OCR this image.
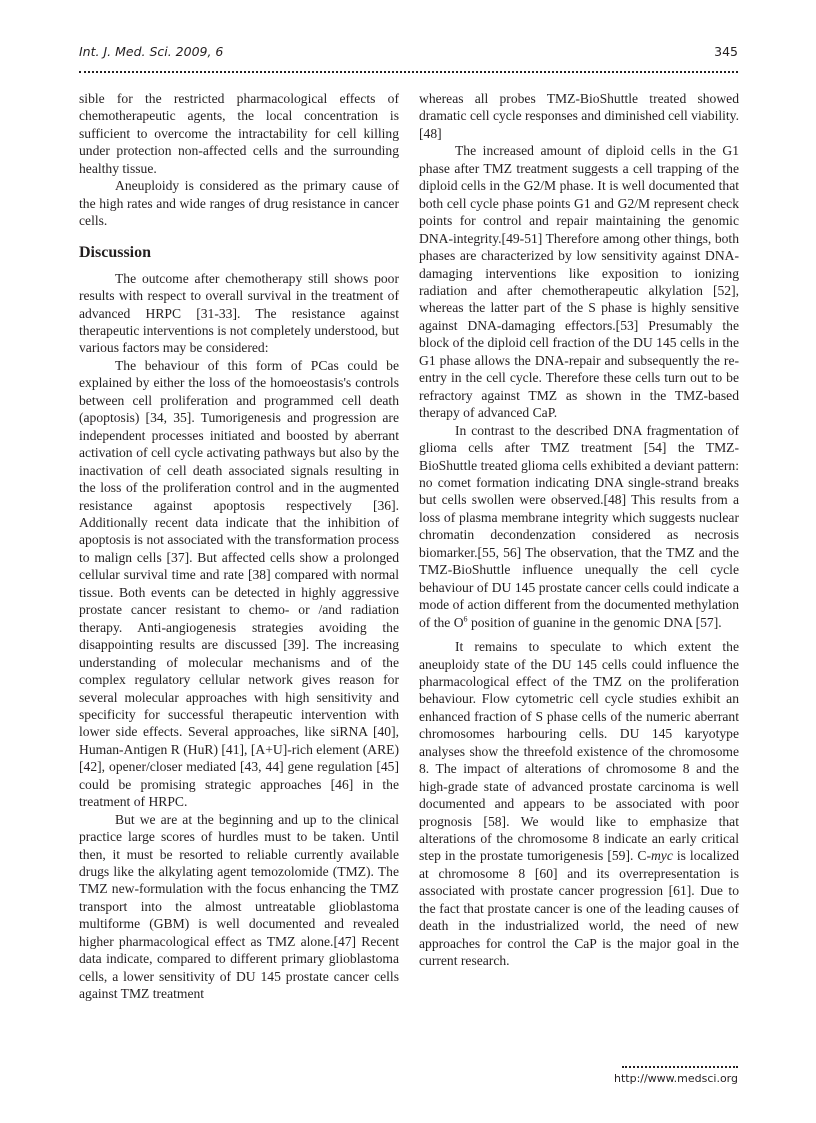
Int. J. Med. Sci. 2009, 6	345

sible for the restricted pharmacological effects of chemotherapeutic agents, the local concentration is sufficient to overcome the intractability for cell killing under protection non-affected cells and the surrounding healthy tissue.

Aneuploidy is considered as the primary cause of the high rates and wide ranges of drug resistance in cancer cells.

Discussion

The outcome after chemotherapy still shows poor results with respect to overall survival in the treatment of advanced HRPC [31-33]. The resistance against therapeutic interventions is not completely understood, but various factors may be considered:

The behaviour of this form of PCas could be explained by either the loss of the homoeostasis's controls between cell proliferation and programmed cell death (apoptosis) [34, 35]. Tumorigenesis and progression are independent processes initiated and boosted by aberrant activation of cell cycle activating pathways but also by the inactivation of cell death associated signals resulting in the loss of the proliferation control and in the augmented resistance against apoptosis respectively [36]. Additionally recent data indicate that the inhibition of apoptosis is not associated with the transformation process to malign cells [37]. But affected cells show a prolonged cellular survival time and rate [38] compared with normal tissue. Both events can be detected in highly aggressive prostate cancer resistant to chemo- or /and radiation therapy. Anti-angiogenesis strategies avoiding the disappointing results are discussed [39]. The increasing understanding of molecular mechanisms and of the complex regulatory cellular network gives reason for several molecular approaches with high sensitivity and specificity for successful therapeutic intervention with lower side effects. Several approaches, like siRNA [40], Human-Antigen R (HuR) [41], [A+U]-rich element (ARE) [42], opener/closer mediated [43, 44] gene regulation [45] could be promising strategic approaches [46] in the treatment of HRPC.

But we are at the beginning and up to the clinical practice large scores of hurdles must to be taken. Until then, it must be resorted to reliable currently available drugs like the alkylating agent temozolomide (TMZ). The TMZ new-formulation with the focus enhancing the TMZ transport into the almost untreatable glioblastoma multiforme (GBM) is well documented and revealed higher pharmacological effect as TMZ alone.[47] Recent data indicate, compared to different primary glioblastoma cells, a lower sensitivity of DU 145 prostate cancer cells against TMZ treatment

whereas all probes TMZ-BioShuttle treated showed dramatic cell cycle responses and diminished cell viability. [48]

The increased amount of diploid cells in the G1 phase after TMZ treatment suggests a cell trapping of the diploid cells in the G2/M phase. It is well documented that both cell cycle phase points G1 and G2/M represent check points for control and repair maintaining the genomic DNA-integrity.[49-51] Therefore among other things, both phases are characterized by low sensitivity against DNA-damaging interventions like exposition to ionizing radiation and after chemotherapeutic alkylation [52], whereas the latter part of the S phase is highly sensitive against DNA-damaging effectors.[53] Presumably the block of the diploid cell fraction of the DU 145 cells in the G1 phase allows the DNA-repair and subsequently the re-entry in the cell cycle. Therefore these cells turn out to be refractory against TMZ as shown in the TMZ-based therapy of advanced CaP.

In contrast to the described DNA fragmentation of glioma cells after TMZ treatment [54] the TMZ-BioShuttle treated glioma cells exhibited a deviant pattern: no comet formation indicating DNA single-strand breaks but cells swollen were observed.[48] This results from a loss of plasma membrane integrity which suggests nuclear chromatin decondenzation considered as necrosis biomarker.[55, 56] The observation, that the TMZ and the TMZ-BioShuttle influence unequally the cell cycle behaviour of DU 145 prostate cancer cells could indicate a mode of action different from the documented methylation of the $O^6$ position of guanine in the genomic DNA [57].

It remains to speculate to which extent the aneuploidy state of the DU 145 cells could influence the pharmacological effect of the TMZ on the proliferation behaviour. Flow cytometric cell cycle studies exhibit an enhanced fraction of S phase cells of the numeric aberrant chromosomes harbouring cells. DU 145 karyotype analyses show the threefold existence of the chromosome 8. The impact of alterations of chromosome 8 and the high-grade state of advanced prostate carcinoma is well documented and appears to be associated with poor prognosis [58]. We would like to emphasize that alterations of the chromosome 8 indicate an early critical step in the prostate tumorigenesis [59]. C-myc is localized at chromosome 8 [60] and its overrepresentation is associated with prostate cancer progression [61]. Due to the fact that prostate cancer is one of the leading causes of death in the industrialized world, the need of new approaches for control the CaP is the major goal in the current research.

http://www.medsci.org
